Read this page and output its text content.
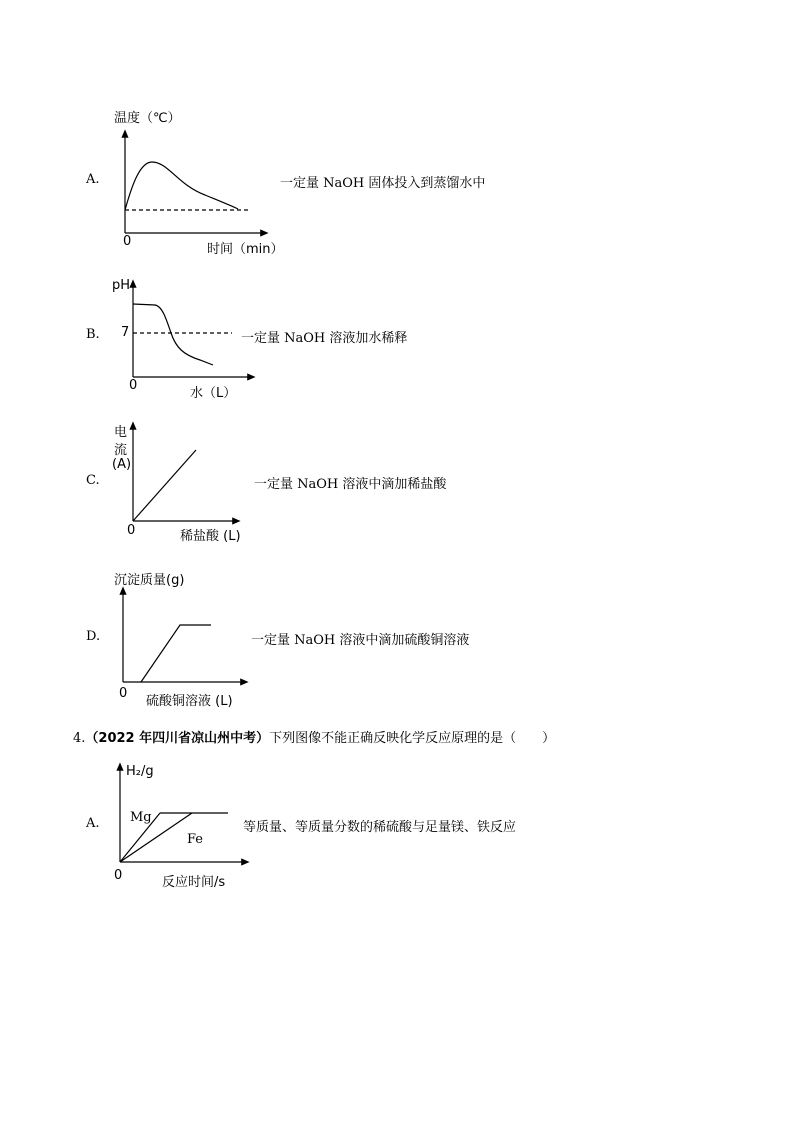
A.
温度（℃）
0
时间（min）
一定量 NaOH 固体投入到蒸馏水中
B.
pH
7
0
水（L）
一定量 NaOH 溶液加水稀释
C.
电
流
(A)
0	稀盐酸 (L)
一定量 NaOH 溶液中滴加稀盐酸
D.
沉淀质量(g)
0
硫酸铜溶液 (L)
一定量 NaOH 溶液中滴加硫酸铜溶液
4.（2022 年四川省凉山州中考）下列图像不能正确反映化学反应原理的是（　　）
A.
H₂/g
Mg
Fe
0	反应时间/s
等质量、等质量分数的稀硫酸与足量镁、铁反应
